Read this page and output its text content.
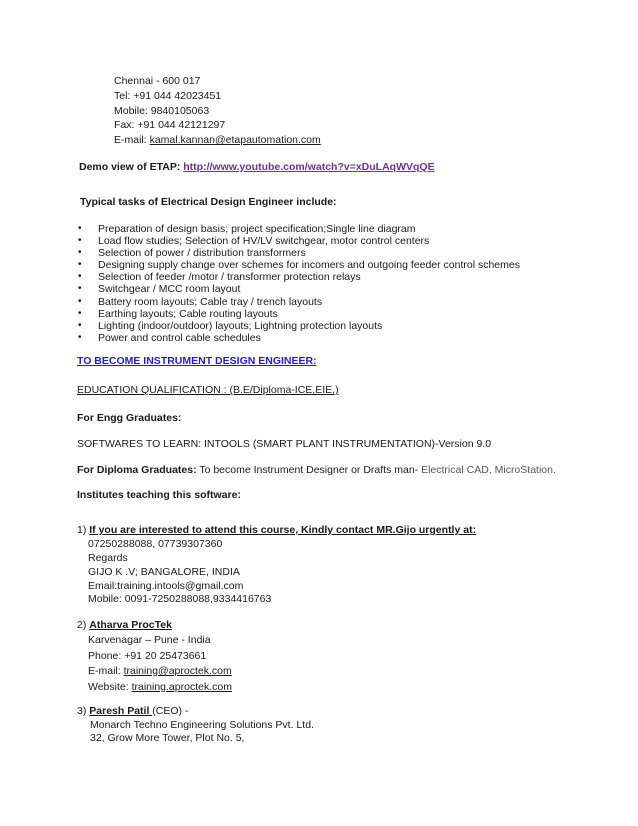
Chennai - 600 017
Tel: +91 044 42023451
Mobile: 9840105063
Fax: +91 044 42121297
E-mail: kamal.kannan@etapautomation.com
Demo view of ETAP: http://www.youtube.com/watch?v=xDuLAqWVqQE
Typical tasks of Electrical Design Engineer include:
• Preparation of design basis; project specification;Single line diagram
• Load flow studies; Selection of HV/LV switchgear, motor control centers
• Selection of power / distribution transformers
• Designing supply change over schemes for incomers and outgoing feeder control schemes
• Selection of feeder /motor / transformer protection relays
• Switchgear / MCC room layout
• Battery room layouts; Cable tray / trench layouts
• Earthing layouts; Cable routing layouts
• Lighting (indoor/outdoor) layouts; Lightning protection layouts
• Power and control cable schedules
TO BECOME INSTRUMENT DESIGN ENGINEER:
EDUCATION QUALIFICATION : (B.E/Diploma-ICE,EIE,)
For Engg Graduates:
SOFTWARES TO LEARN: INTOOLS (SMART PLANT INSTRUMENTATION)-Version 9.0
For Diploma Graduates: To become Instrument Designer or Drafts man- Electrical CAD, MicroStation.
Institutes teaching this software:
1) If you are interested to attend this course, Kindly contact MR.Gijo urgently at:
07250288088, 07739307360
Regards
GIJO K .V; BANGALORE, INDIA
Email:training.intools@gmail.com
Mobile: 0091-7250288088,9334416763
2) Atharva ProcTek
Karvenagar – Pune - India
Phone: +91 20 25473661
E-mail: training@aproctek.com
Website: training.aproctek.com
3) Paresh Patil (CEO) -
Monarch Techno Engineering Solutions Pvt. Ltd.
32, Grow More Tower, Plot No. 5,
